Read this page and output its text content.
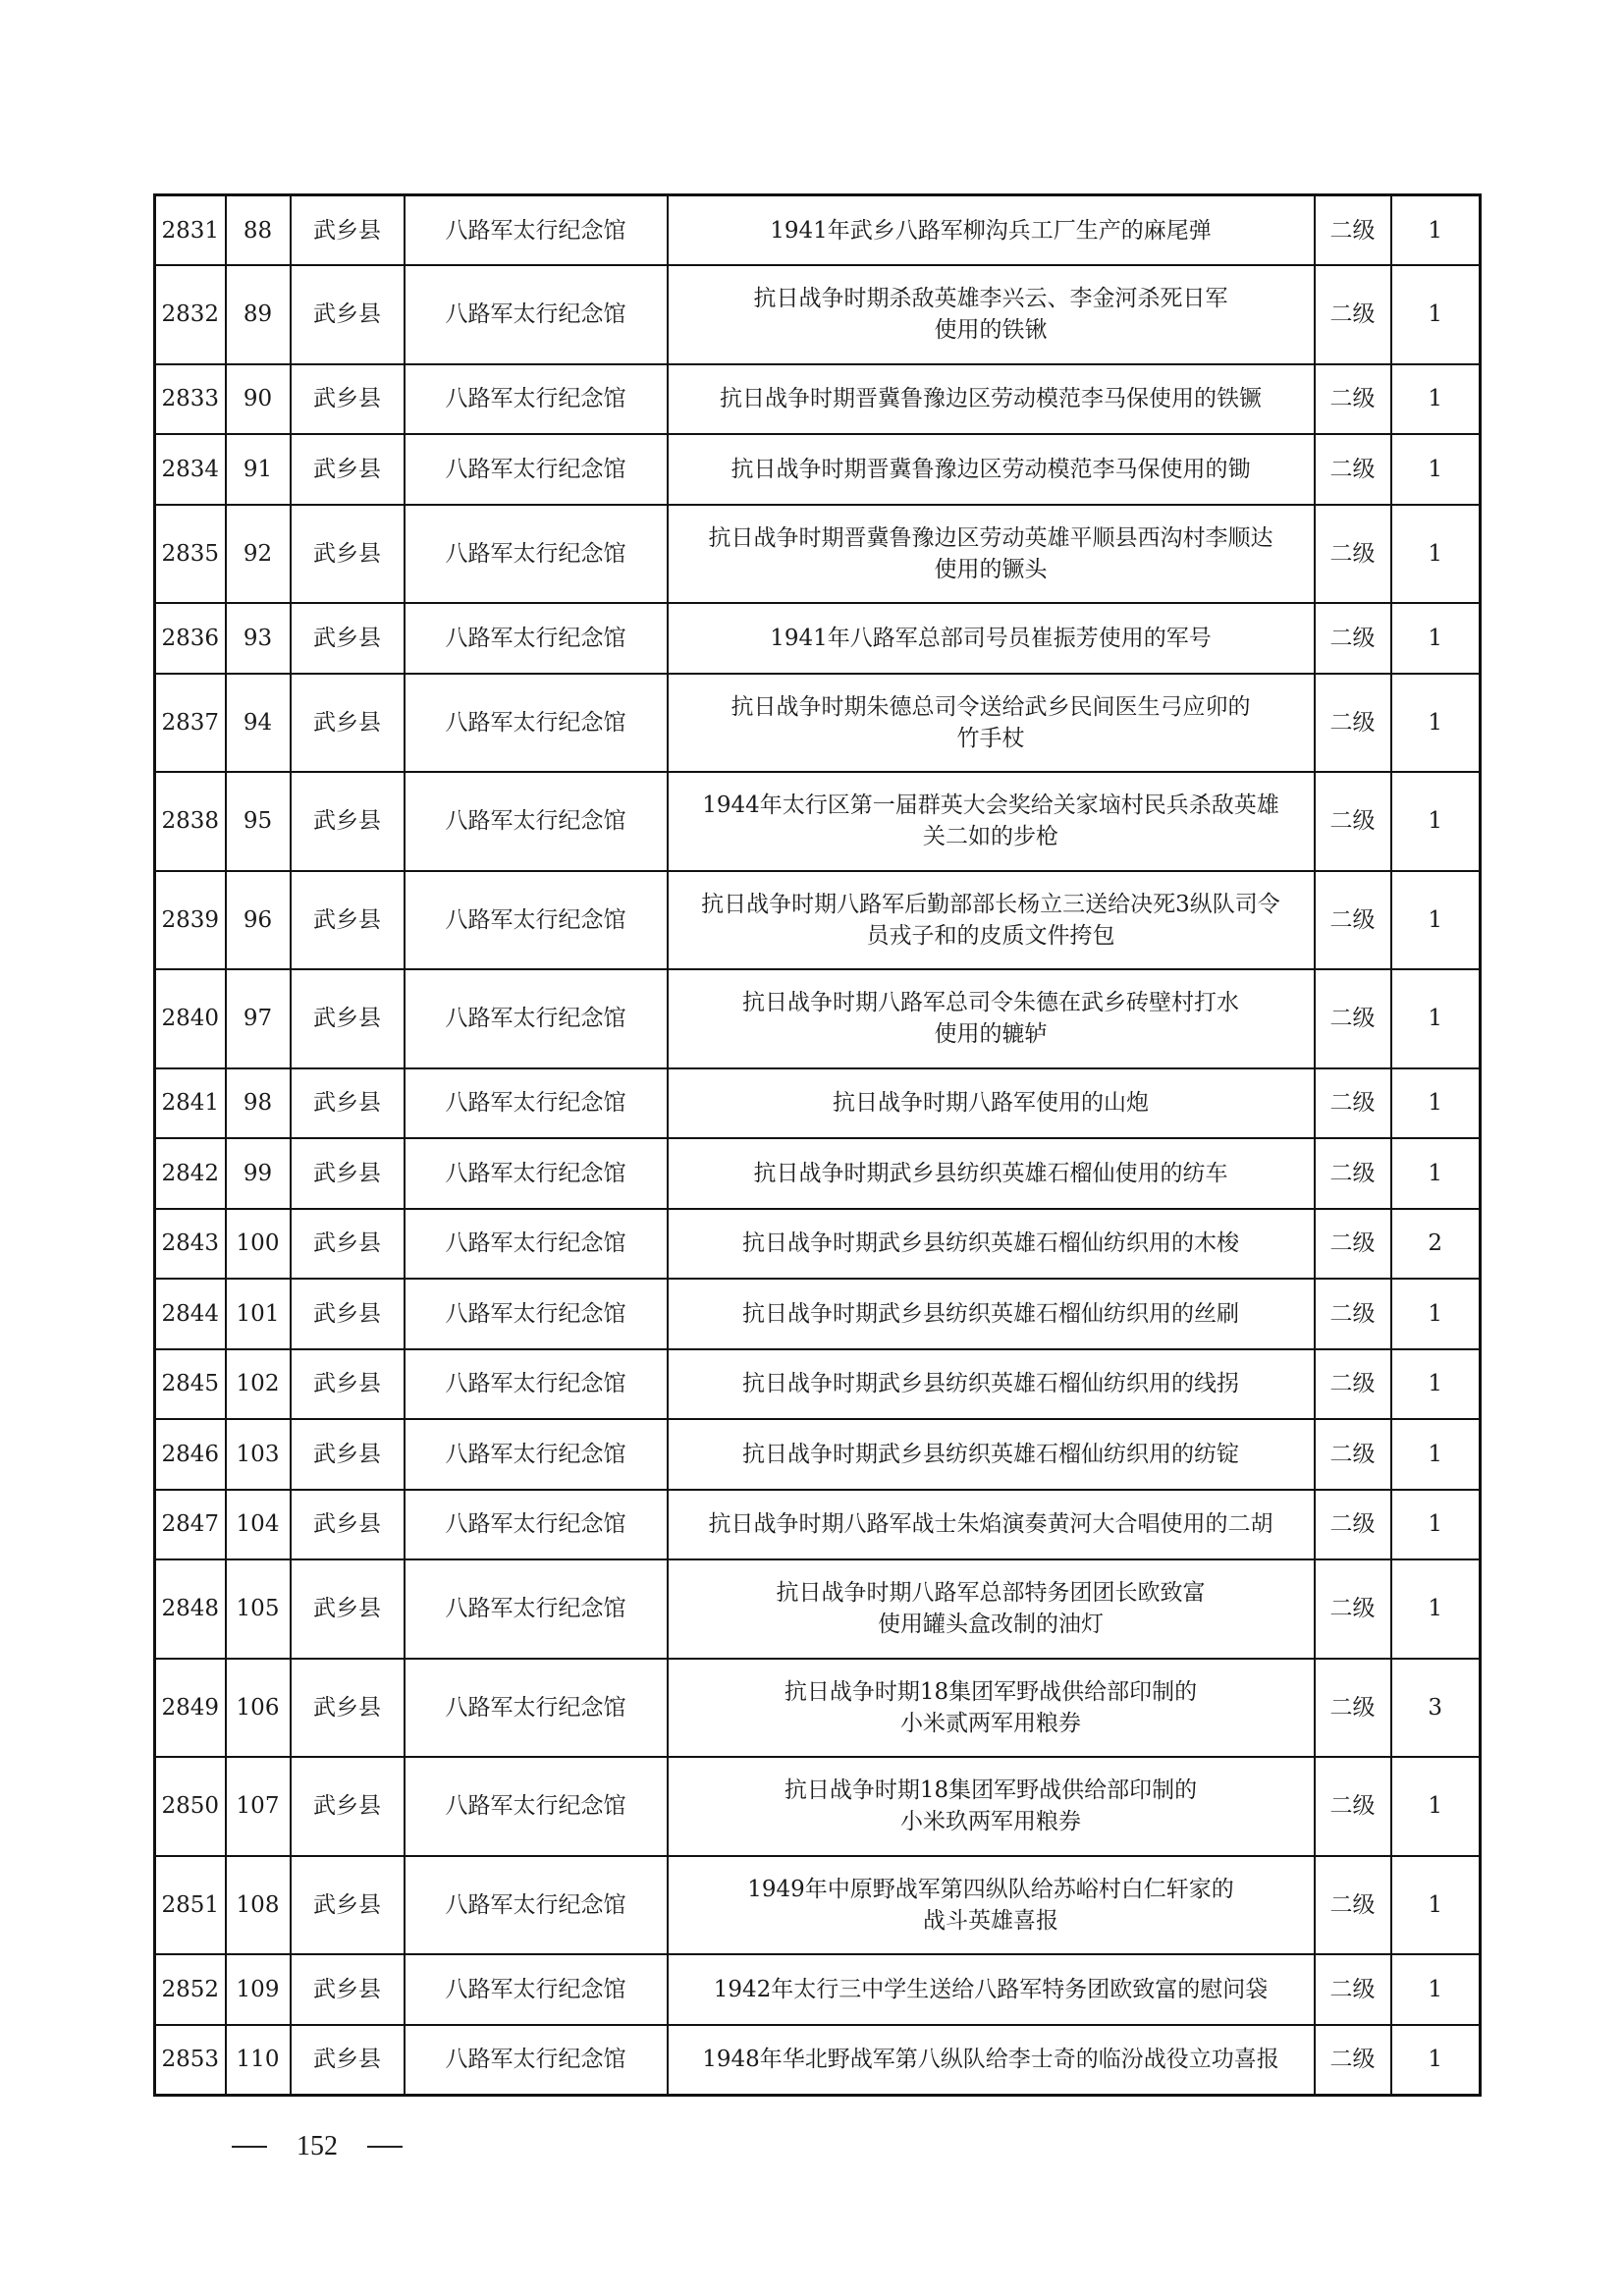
2831	88	武乡县	八路军太行纪念馆	1941年武乡八路军柳沟兵工厂生产的麻尾弹	二级	1
2832	89	武乡县	八路军太行纪念馆	抗日战争时期杀敌英雄李兴云、李金河杀死日军
使用的铁锹	二级	1
2833	90	武乡县	八路军太行纪念馆	抗日战争时期晋冀鲁豫边区劳动模范李马保使用的铁镢	二级	1
2834	91	武乡县	八路军太行纪念馆	抗日战争时期晋冀鲁豫边区劳动模范李马保使用的锄	二级	1
2835	92	武乡县	八路军太行纪念馆	抗日战争时期晋冀鲁豫边区劳动英雄平顺县西沟村李顺达
使用的镢头	二级	1
2836	93	武乡县	八路军太行纪念馆	1941年八路军总部司号员崔振芳使用的军号	二级	1
2837	94	武乡县	八路军太行纪念馆	抗日战争时期朱德总司令送给武乡民间医生弓应卯的
竹手杖	二级	1
2838	95	武乡县	八路军太行纪念馆	1944年太行区第一届群英大会奖给关家垴村民兵杀敌英雄
关二如的步枪	二级	1
2839	96	武乡县	八路军太行纪念馆	抗日战争时期八路军后勤部部长杨立三送给决死3纵队司令
员戎子和的皮质文件挎包	二级	1
2840	97	武乡县	八路军太行纪念馆	抗日战争时期八路军总司令朱德在武乡砖壁村打水
使用的辘轳	二级	1
2841	98	武乡县	八路军太行纪念馆	抗日战争时期八路军使用的山炮	二级	1
2842	99	武乡县	八路军太行纪念馆	抗日战争时期武乡县纺织英雄石榴仙使用的纺车	二级	1
2843	100	武乡县	八路军太行纪念馆	抗日战争时期武乡县纺织英雄石榴仙纺织用的木梭	二级	2
2844	101	武乡县	八路军太行纪念馆	抗日战争时期武乡县纺织英雄石榴仙纺织用的丝刷	二级	1
2845	102	武乡县	八路军太行纪念馆	抗日战争时期武乡县纺织英雄石榴仙纺织用的线拐	二级	1
2846	103	武乡县	八路军太行纪念馆	抗日战争时期武乡县纺织英雄石榴仙纺织用的纺锭	二级	1
2847	104	武乡县	八路军太行纪念馆	抗日战争时期八路军战士朱焰演奏黄河大合唱使用的二胡	二级	1
2848	105	武乡县	八路军太行纪念馆	抗日战争时期八路军总部特务团团长欧致富
使用罐头盒改制的油灯	二级	1
2849	106	武乡县	八路军太行纪念馆	抗日战争时期18集团军野战供给部印制的
小米贰两军用粮券	二级	3
2850	107	武乡县	八路军太行纪念馆	抗日战争时期18集团军野战供给部印制的
小米玖两军用粮券	二级	1
2851	108	武乡县	八路军太行纪念馆	1949年中原野战军第四纵队给苏峪村白仁轩家的
战斗英雄喜报	二级	1
2852	109	武乡县	八路军太行纪念馆	1942年太行三中学生送给八路军特务团欧致富的慰问袋	二级	1
2853	110	武乡县	八路军太行纪念馆	1948年华北野战军第八纵队给李士奇的临汾战役立功喜报	二级	1
152
